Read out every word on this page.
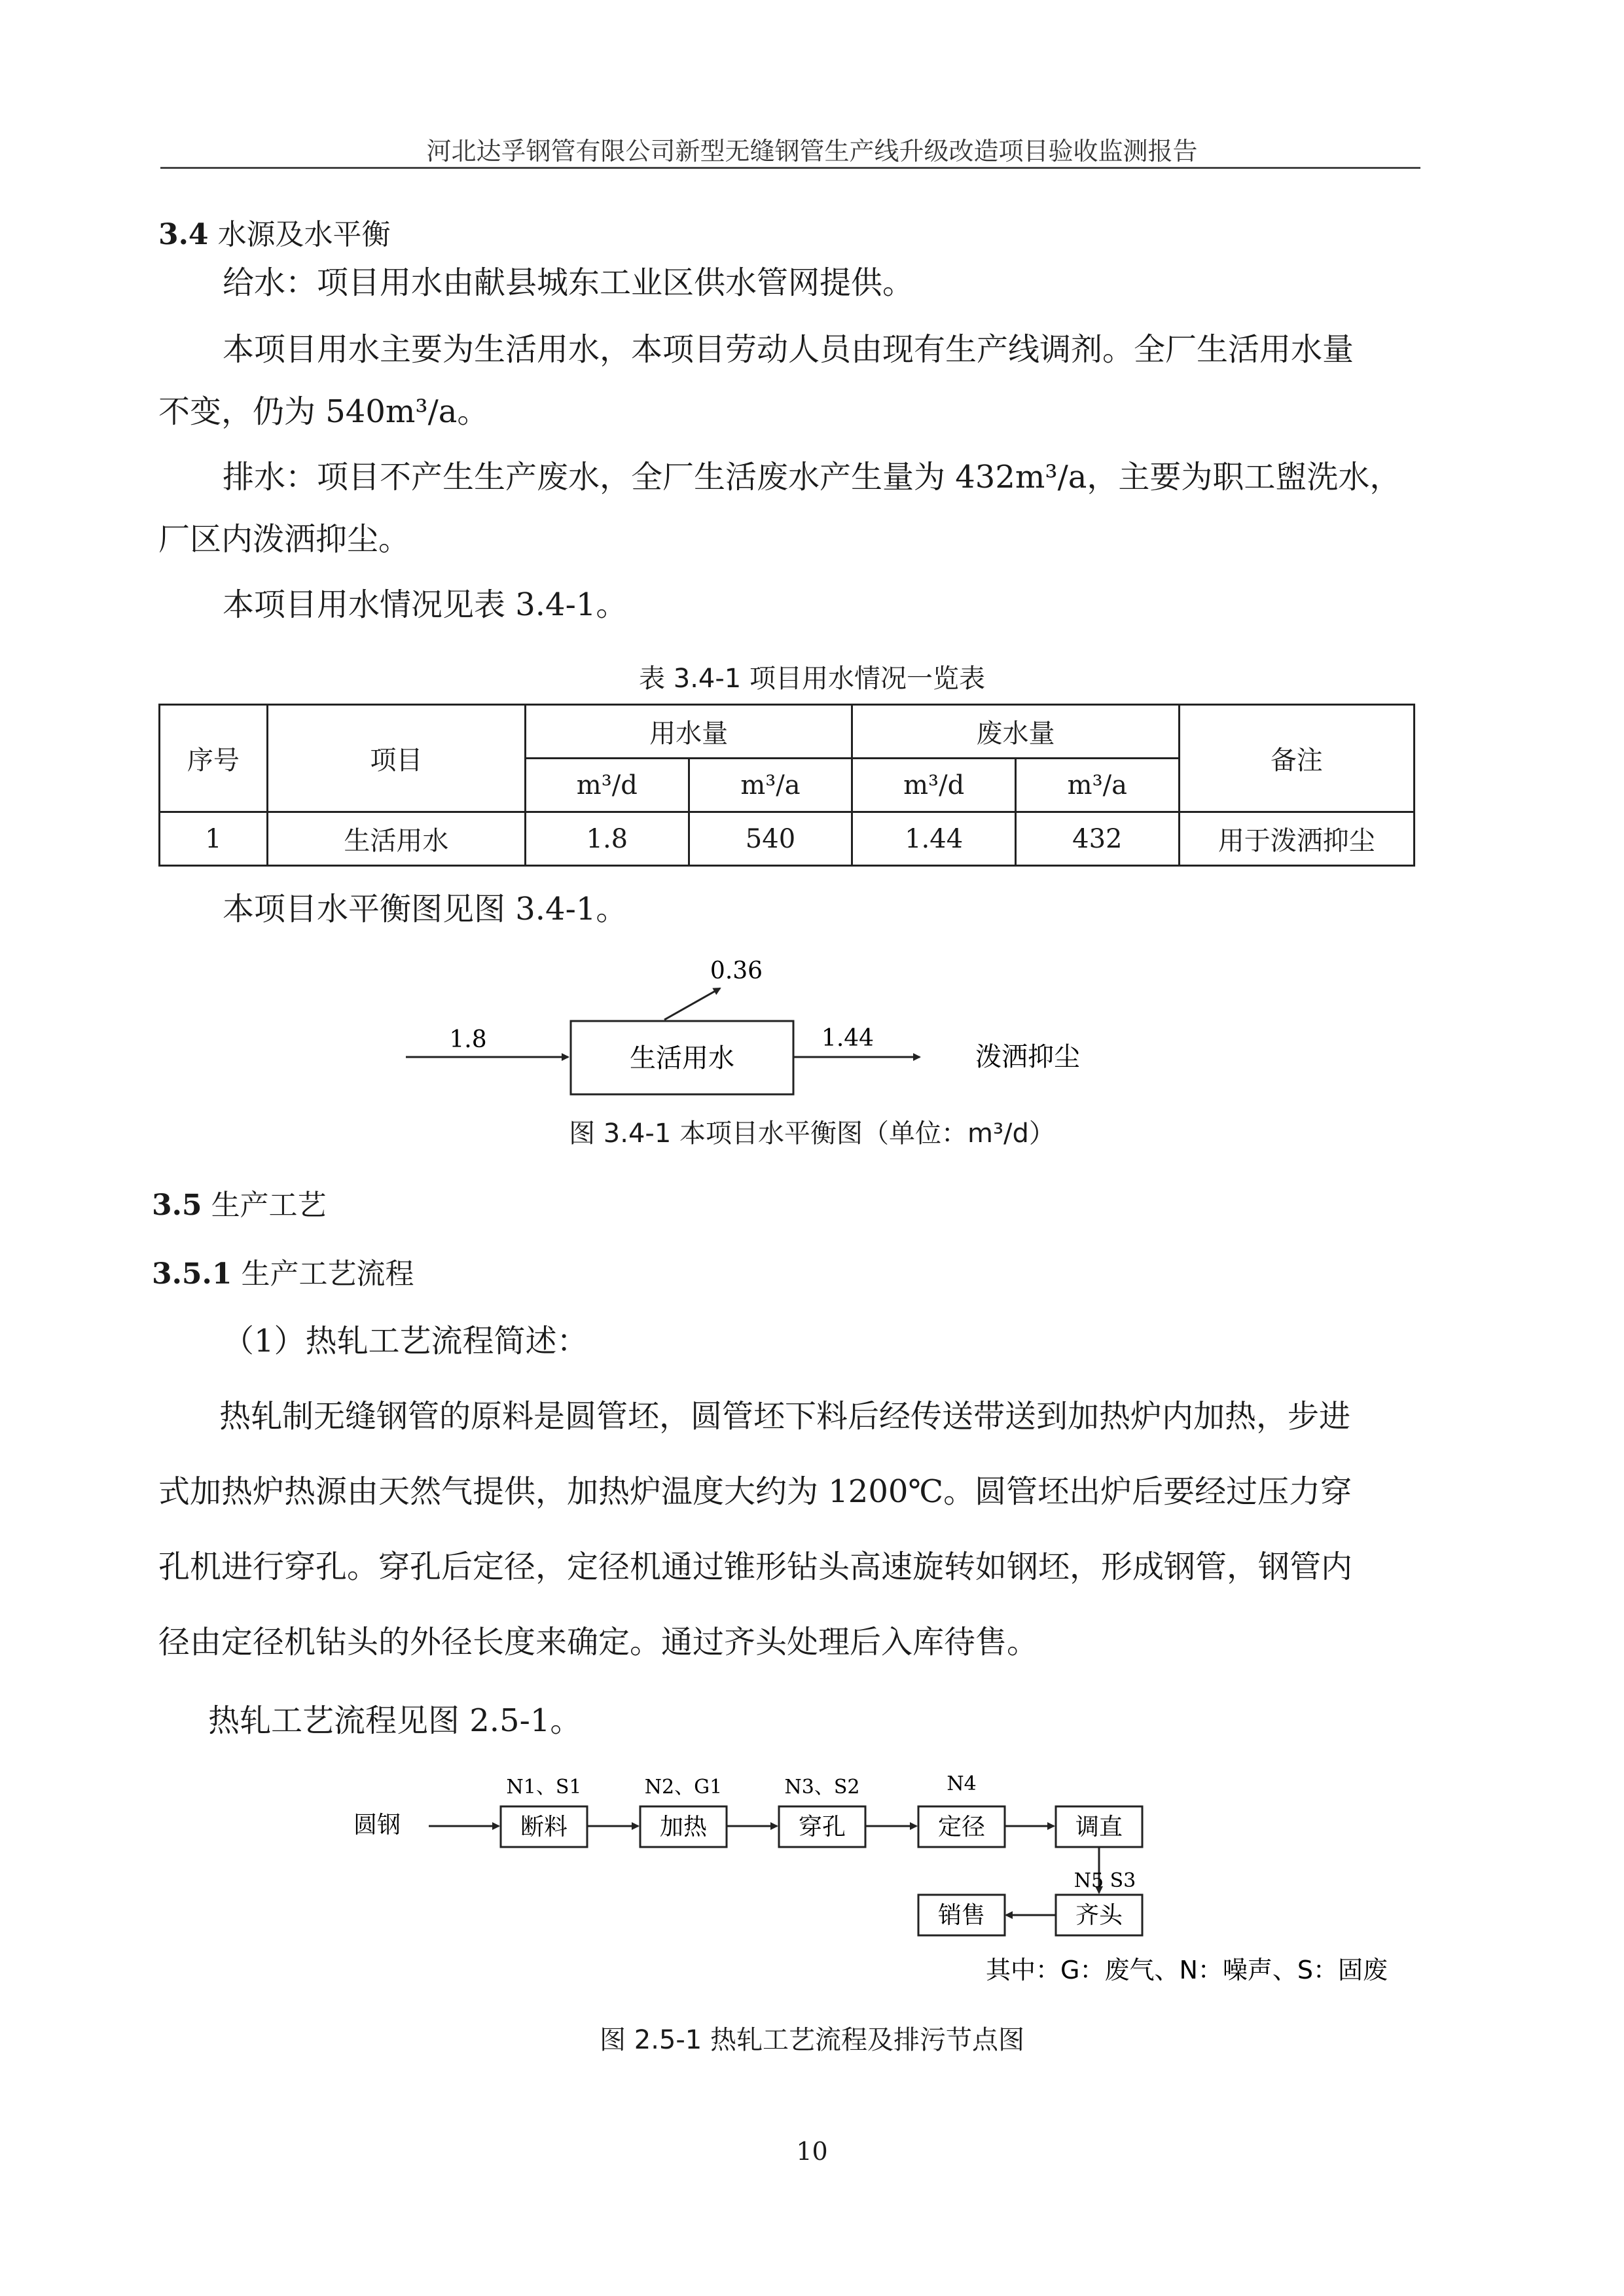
河北达孚钢管有限公司新型无缝钢管生产线升级改造项目验收监测报告
3.4 水源及水平衡
给水：项目用水由献县城东工业区供水管网提供。
本项目用水主要为生活用水，本项目劳动人员由现有生产线调剂。全厂生活用水量
不变，仍为 540m³/a。
排水：项目不产生生产废水，全厂生活废水产生量为 432m³/a，主要为职工盥洗水，
厂区内泼洒抑尘。
本项目用水情况见表 3.4-1。
表 3.4-1 项目用水情况一览表
序号	项目	用水量		废水量		备注
		m³/d	m³/a	m³/d	m³/a	
1	生活用水	1.8	540	1.44	432	用于泼洒抑尘
本项目水平衡图见图 3.4-1。
1.8
生活用水
0.36
1.44
泼洒抑尘
图 3.4-1 本项目水平衡图（单位：m³/d）
3.5 生产工艺
3.5.1 生产工艺流程
（1）热轧工艺流程简述：
热轧制无缝钢管的原料是圆管坯，圆管坯下料后经传送带送到加热炉内加热，步进
式加热炉热源由天然气提供，加热炉温度大约为 1200℃。圆管坯出炉后要经过压力穿
孔机进行穿孔。穿孔后定径，定径机通过锥形钻头高速旋转如钢坯，形成钢管，钢管内
径由定径机钻头的外径长度来确定。通过齐头处理后入库待售。
热轧工艺流程见图 2.5-1。
圆钢	断料
N1、S1
加热
N2、G1
穿孔
N3、S2
定径
N4
调直
N5 S3
齐头
销售
其中：G：废气、N：噪声、S：固废
图 2.5-1 热轧工艺流程及排污节点图
10
